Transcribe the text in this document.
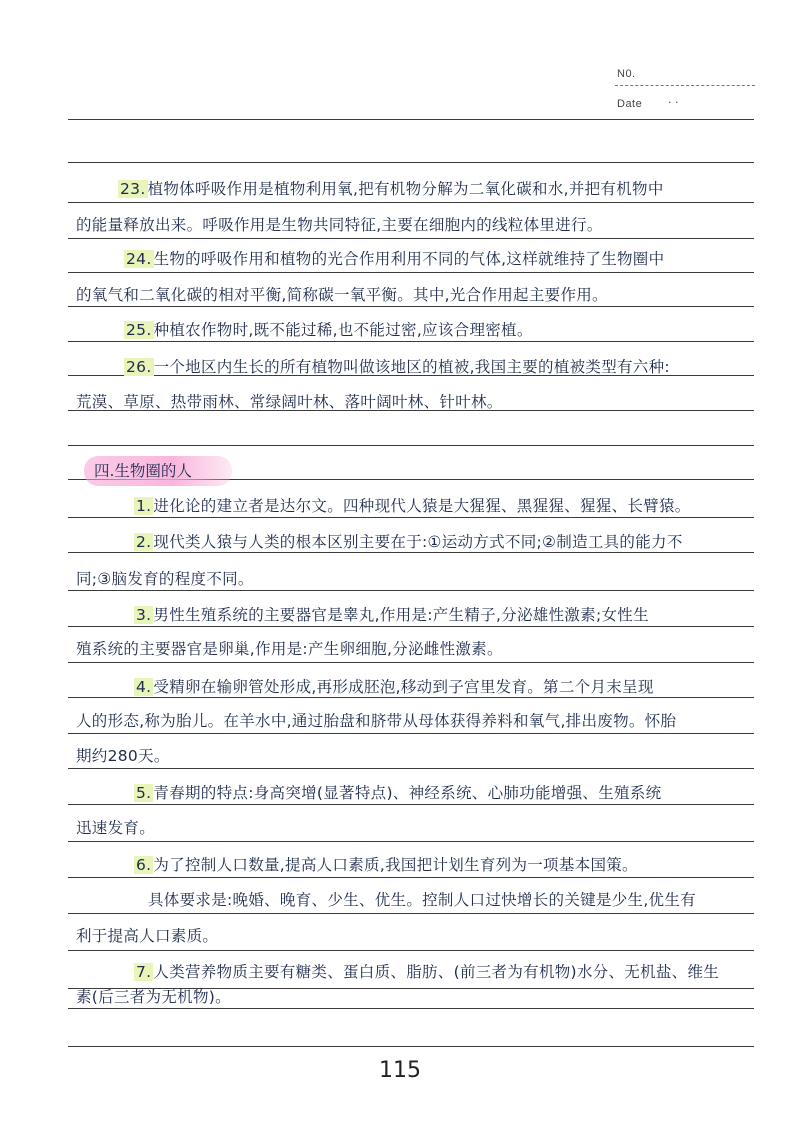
N0.
Date · ·
23. 植物体呼吸作用是植物利用氧,把有机物分解为二氧化碳和水,并把有机物中
的能量释放出来。呼吸作用是生物共同特征,主要在细胞内的线粒体里进行。
24. 生物的呼吸作用和植物的光合作用利用不同的气体,这样就维持了生物圈中
的氧气和二氧化碳的相对平衡,简称碳一氧平衡。其中,光合作用起主要作用。
25. 种植农作物时,既不能过稀,也不能过密,应该合理密植。
26. 一个地区内生长的所有植物叫做该地区的植被,我国主要的植被类型有六种:
荒漠、草原、热带雨林、常绿阔叶林、落叶阔叶林、针叶林。
四.生物圈的人
1. 进化论的建立者是达尔文。四种现代人猿是大猩猩、黑猩猩、猩猩、长臂猿。
2. 现代类人猿与人类的根本区别主要在于:①运动方式不同;②制造工具的能力不
同;③脑发育的程度不同。
3. 男性生殖系统的主要器官是睾丸,作用是:产生精子,分泌雄性激素;女性生
殖系统的主要器官是卵巢,作用是:产生卵细胞,分泌雌性激素。
4. 受精卵在输卵管处形成,再形成胚泡,移动到子宫里发育。第二个月末呈现
人的形态,称为胎儿。在羊水中,通过胎盘和脐带从母体获得养料和氧气,排出废物。怀胎
期约280天。
5. 青春期的特点:身高突增(显著特点)、神经系统、心肺功能增强、生殖系统
迅速发育。
6. 为了控制人口数量,提高人口素质,我国把计划生育列为一项基本国策。
具体要求是:晚婚、晚育、少生、优生。控制人口过快增长的关键是少生,优生有
利于提高人口素质。
7. 人类营养物质主要有糖类、蛋白质、脂肪、(前三者为有机物)水分、无机盐、维生
素(后三者为无机物)。
115
